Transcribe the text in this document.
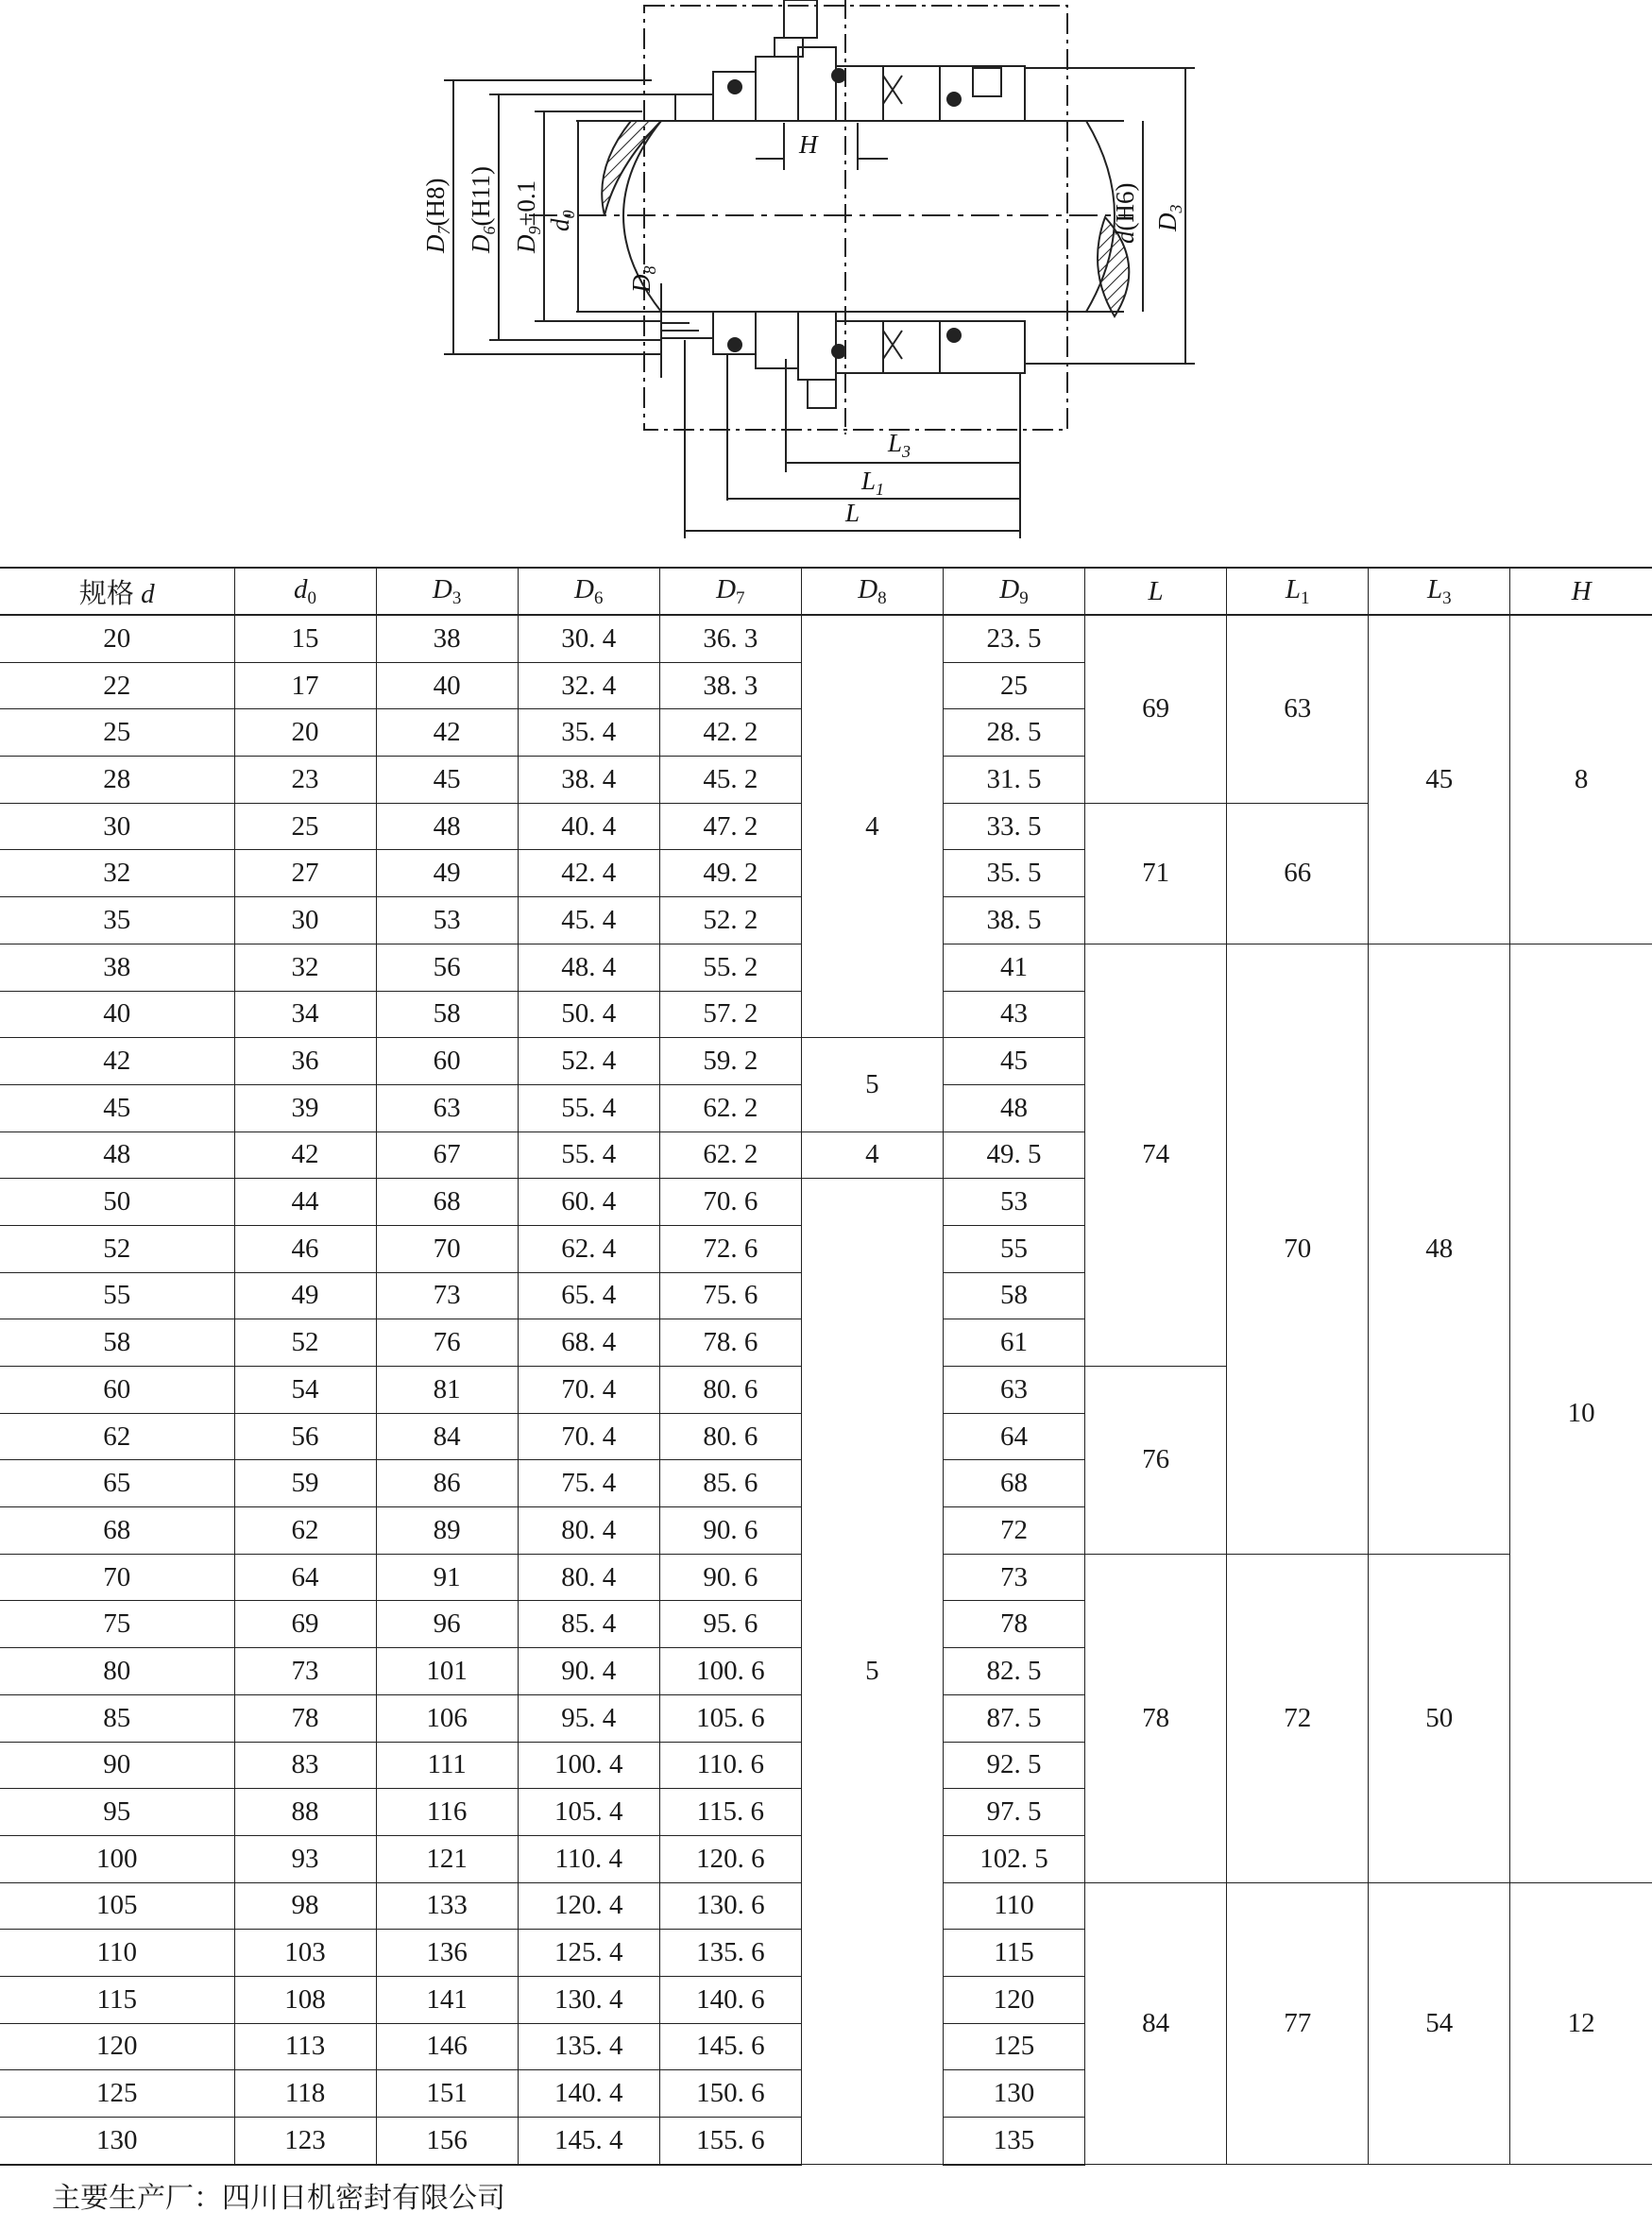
$D_7(H8)$
$D_6(H11)$
$D_9\pm 0.1$ $d_0$
$D_8$
H
d(H6) $D_3$
$L_3$
$L_1$
L
规格 d	$d_0$	$D_3$	$D_6$	$D_7$	$D_8$	$D_9$	L	$L_1$	$L_3$	H
20	15	38	30. 4	36. 3	4	23. 5	69	63	45	8
22	17	40	32. 4	38. 3		25				
25	20	42	35. 4	42. 2		28. 5				
28	23	45	38. 4	45. 2		31. 5				
30	25	48	40. 4	47. 2		33. 5	71	66		
32	27	49	42. 4	49. 2		35. 5				
35	30	53	45. 4	52. 2		38. 5				
38	32	56	48. 4	55. 2		41	74	70	48	10
40	34	58	50. 4	57. 2		43				
42	36	60	52. 4	59. 2	5	45				
45	39	63	55. 4	62. 2		48				
48	42	67	55. 4	62. 2	4	49. 5				
50	44	68	60. 4	70. 6	5	53				
52	46	70	62. 4	72. 6		55				
55	49	73	65. 4	75. 6		58				
58	52	76	68. 4	78. 6		61				
60	54	81	70. 4	80. 6		63	76			
62	56	84	70. 4	80. 6		64				
65	59	86	75. 4	85. 6		68				
68	62	89	80. 4	90. 6		72				
70	64	91	80. 4	90. 6		73	78	72	50	
75	69	96	85. 4	95. 6		78				
80	73	101	90. 4	100. 6		82. 5				
85	78	106	95. 4	105. 6		87. 5				
90	83	111	100. 4	110. 6		92. 5				
95	88	116	105. 4	115. 6		97. 5				
100	93	121	110. 4	120. 6		102. 5				
105	98	133	120. 4	130. 6		110	84	77	54	12
110	103	136	125. 4	135. 6		115				
115	108	141	130. 4	140. 6		120				
120	113	146	135. 4	145. 6		125				
125	118	151	140. 4	150. 6		130				
130	123	156	145. 4	155. 6		135				
主要生产厂：四川日机密封有限公司
